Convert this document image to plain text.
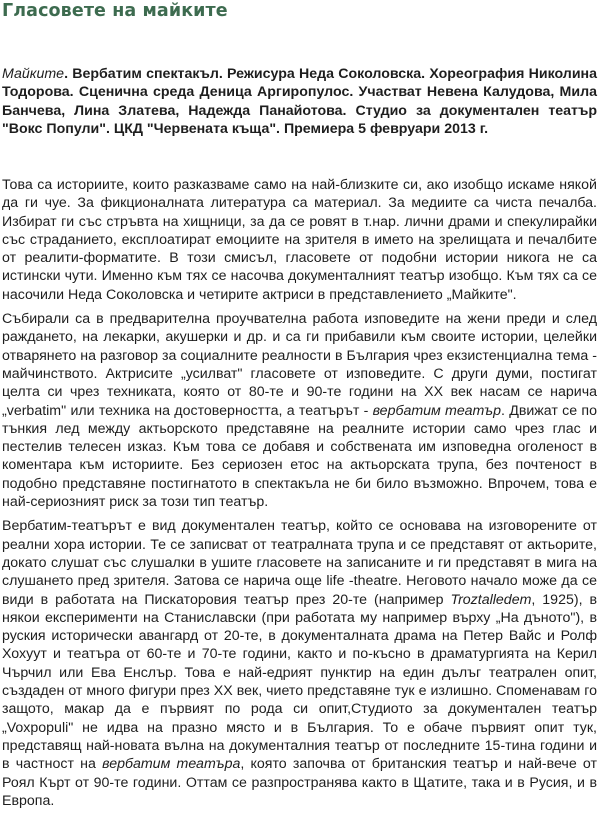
Гласовете на майките

Майките. Вербатим спектакъл. Режисура Неда Соколовска. Хореография Николина Тодорова. Сценична среда Деница Аргиропулос. Участват Невена Калудова, Мила Банчева, Лина Златева, Надежда Панайотова. Студио за документален театър "Вокс Попули". ЦКД "Червената къща". Премиера 5 февруари 2013 г.

Това са историите, които разказваме само на най-близките си, ако изобщо искаме някой да ги чуе. За фикционалната литература са материал. За медиите са чиста печалба. Избират ги със стръвта на хищници, за да се ровят в т.нар. лични драми и спекулирайки със страданието, експлоатират емоциите на зрителя в името на зрелищата и печалбите от реалити-форматите. В този смисъл, гласовете от подобни истории никога не са истински чути. Именно към тях се насочва документалният театър изобщо. Към тях са се насочили Неда Соколовска и четирите актриси в представлението „Майките".

Събирали са в предварителна проучвателна работа изповедите на жени преди и след раждането, на лекарки, акушерки и др. и са ги прибавили към своите истории, целейки отварянето на разговор за социалните реалности в България чрез екзистенциална тема - майчинството. Актрисите „усилват" гласовете от изповедите. С други думи, постигат целта си чрез техниката, която от 80-те и 90-те години на XX век насам се нарича „verbatim" или техника на достоверността, а театърът - вербатим театър. Движат се по тънкия лед между актьорското представяне на реалните истории само чрез глас и пестелив телесен изказ. Към това се добавя и собствената им изповедна оголеност в коментара към историите. Без сериозен етос на актьорската трупа, без почтеност в подобно представяне постигнатото в спектакъла не би било възможно. Впрочем, това е най-сериозният риск за този тип театър.

Вербатим-театърът е вид документален театър, който се основава на изговорените от реални хора истории. Те се записват от театралната трупа и се представят от актьорите, докато слушат със слушалки в ушите гласовете на записаните и ги представят в мига на слушането пред зрителя. Затова се нарича още life -theatre. Неговото начало може да се види в работата на Пискаторовия театър през 20-те (например Troztalledem, 1925), в някои експерименти на Станиславски (при работата му например върху „На дъното"), в руския исторически авангард от 20-те, в документалната драма на Петер Вайс и Ролф Хохуут и театъра от 60-те и 70-те години, както и по-късно в драматургията на Керил Чърчил или Ева Енслър. Това е най-едрият пунктир на един дълъг театрален опит, създаден от много фигури през XX век, чието представяне тук е излишно. Споменавам го защото, макар да е първият по рода си опит,Студиото за документален театър „Voxpopuli" не идва на празно място и в България. То е обаче първият опит тук, представящ най-новата вълна на документалния театър от последните 15-тина години и в частност на вербатим театъра, която започва от британския театър и най-вече от Роял Кърт от 90-те години. Оттам се разпространява както в Щатите, така и в Русия, и в Европа.
